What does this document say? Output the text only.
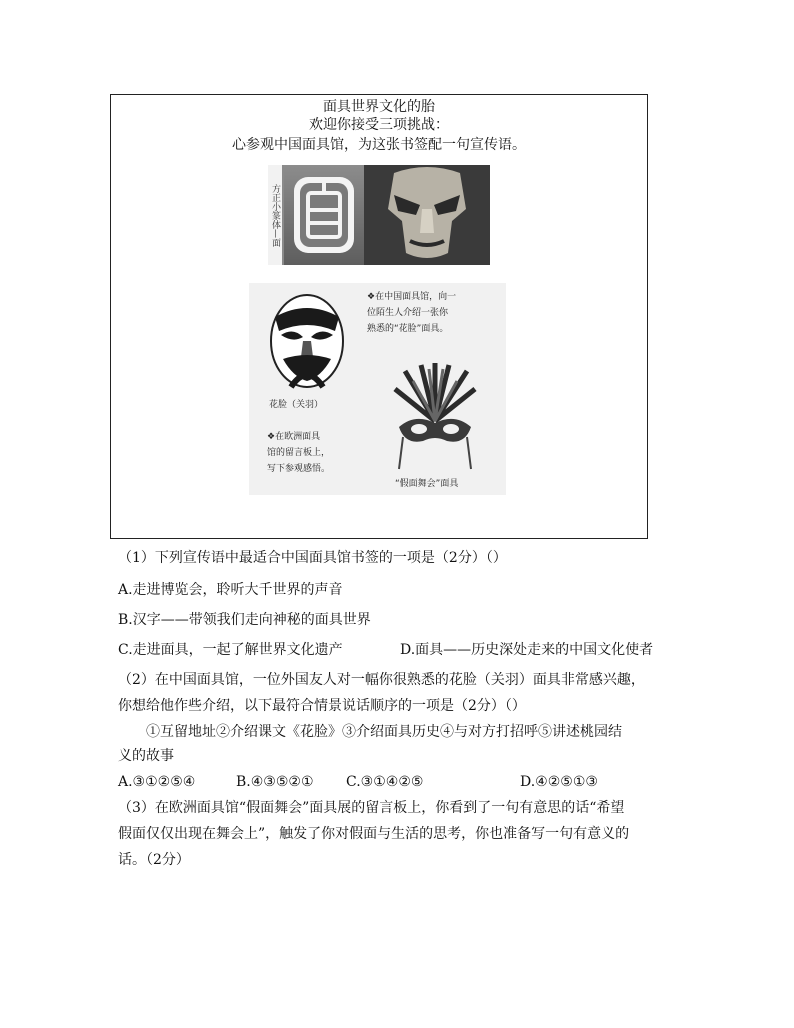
面具世界文化的胎
欢迎你接受三项挑战：
心参观中国面具馆，为这张书签配一句宣传语。
方正小篆体—面
❖在中国面具馆，向一
位陌生人介绍一张你
熟悉的“花脸”面具。
花脸（关羽）
❖在欧洲面具
馆的留言板上，
写下参观感悟。
“假面舞会”面具
（1）下列宣传语中最适合中国面具馆书签的一项是（2分）（）
A.走进博览会，聆听大千世界的声音
B.汉字——带领我们走向神秘的面具世界
C.走进面具，一起了解世界文化遗产	D.面具——历史深处走来的中国文化使者
（2）在中国面具馆，一位外国友人对一幅你很熟悉的花脸（关羽）面具非常感兴趣，
你想给他作些介绍，以下最符合情景说话顺序的一项是（2分）（）
①互留地址②介绍课文《花脸》③介绍面具历史④与对方打招呼⑤讲述桃园结
义的故事
A.③①②⑤④	B.④③⑤②① C.③①④②⑤	D.④②⑤①③
（3）在欧洲面具馆“假面舞会”面具展的留言板上，你看到了一句有意思的话“希望
假面仅仅出现在舞会上”，触发了你对假面与生活的思考，你也准备写一句有意义的
话。（2分）
